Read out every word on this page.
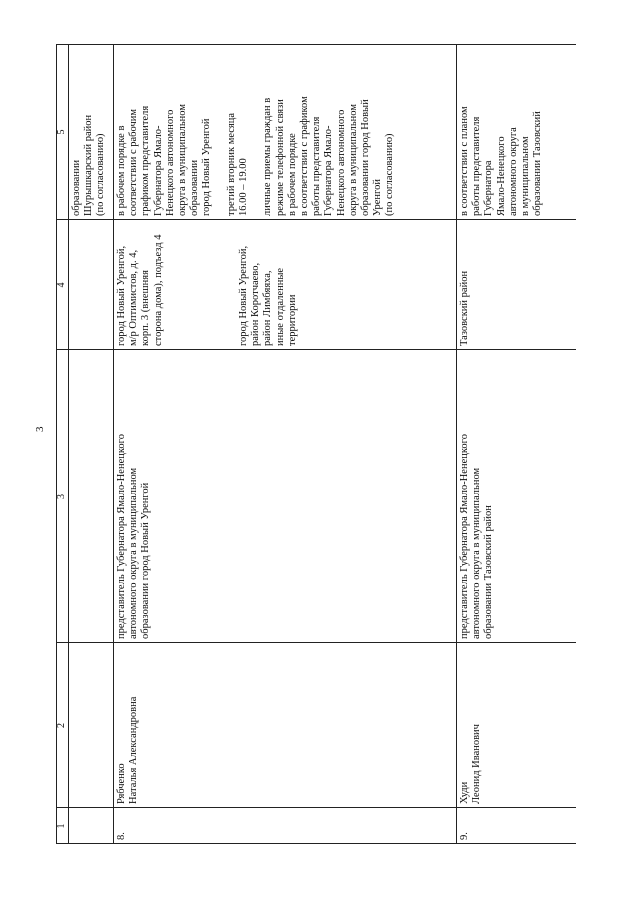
3
1
2
3
4
5
образовании
Шурышкарский район
(по согласованию)
8.
Рябченко
Наталья Александровна
представитель Губернатора Ямало-Ненецкого
автономного округа в муниципальном
образовании город Новый Уренгой
город Новый Уренгой,
м/р Оптимистов, д. 4,
корп. 3 (внешняя
сторона дома), подъезд 4

город Новый Уренгой,
район Коротчаево,
район Лимбяяха,
иные отдаленные
территории
в рабочем порядке в
соответствии с рабочим
графиком представителя
Губернатора Ямало-
Ненецкого автономного
округа в муниципальном
образовании
город Новый Уренгой

третий вторник месяца
16.00 – 19.00

личные приемы граждан в
режиме телефонной связи
в рабочем порядке
в соответствии с графиком
работы представителя
Губернатора Ямало-
Ненецкого автономного
округа в муниципальном
образовании город Новый
Уренгой
(по согласованию)
9.
Худи
Леонид Иванович
представитель Губернатора Ямало-Ненецкого
автономного округа в муниципальном
образовании Тазовский район
Тазовский район
в соответствии с планом
работы представителя
Губернатора
Ямало-Ненецкого
автономного округа
в муниципальном
образовании Тазовский
